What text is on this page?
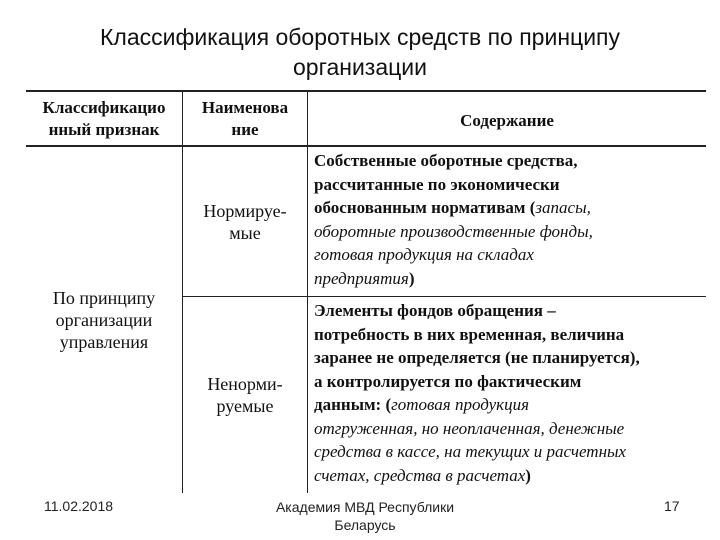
Классификация оборотных средств по принципу
организации
Классификацио
нный признак
Наименова
ние	Содержание
По принципу
организации
управления
Нормируе-
мые
Собственные оборотные средства,
рассчитанные по экономически
обоснованным нормативам (запасы,
оборотные производственные фонды,
готовая продукция на складах
предприятия)
Ненорми-
руемые
Элементы фондов обращения –
потребность в них временная, величина
заранее не определяется (не планируется),
а контролируется по фактическим
данным: (готовая продукция
отгруженная, но неоплаченная, денежные
средства в кассе, на текущих и расчетных
счетах, средства в расчетах)
11.02.2018	Академия МВД Республики
Беларусь
17
